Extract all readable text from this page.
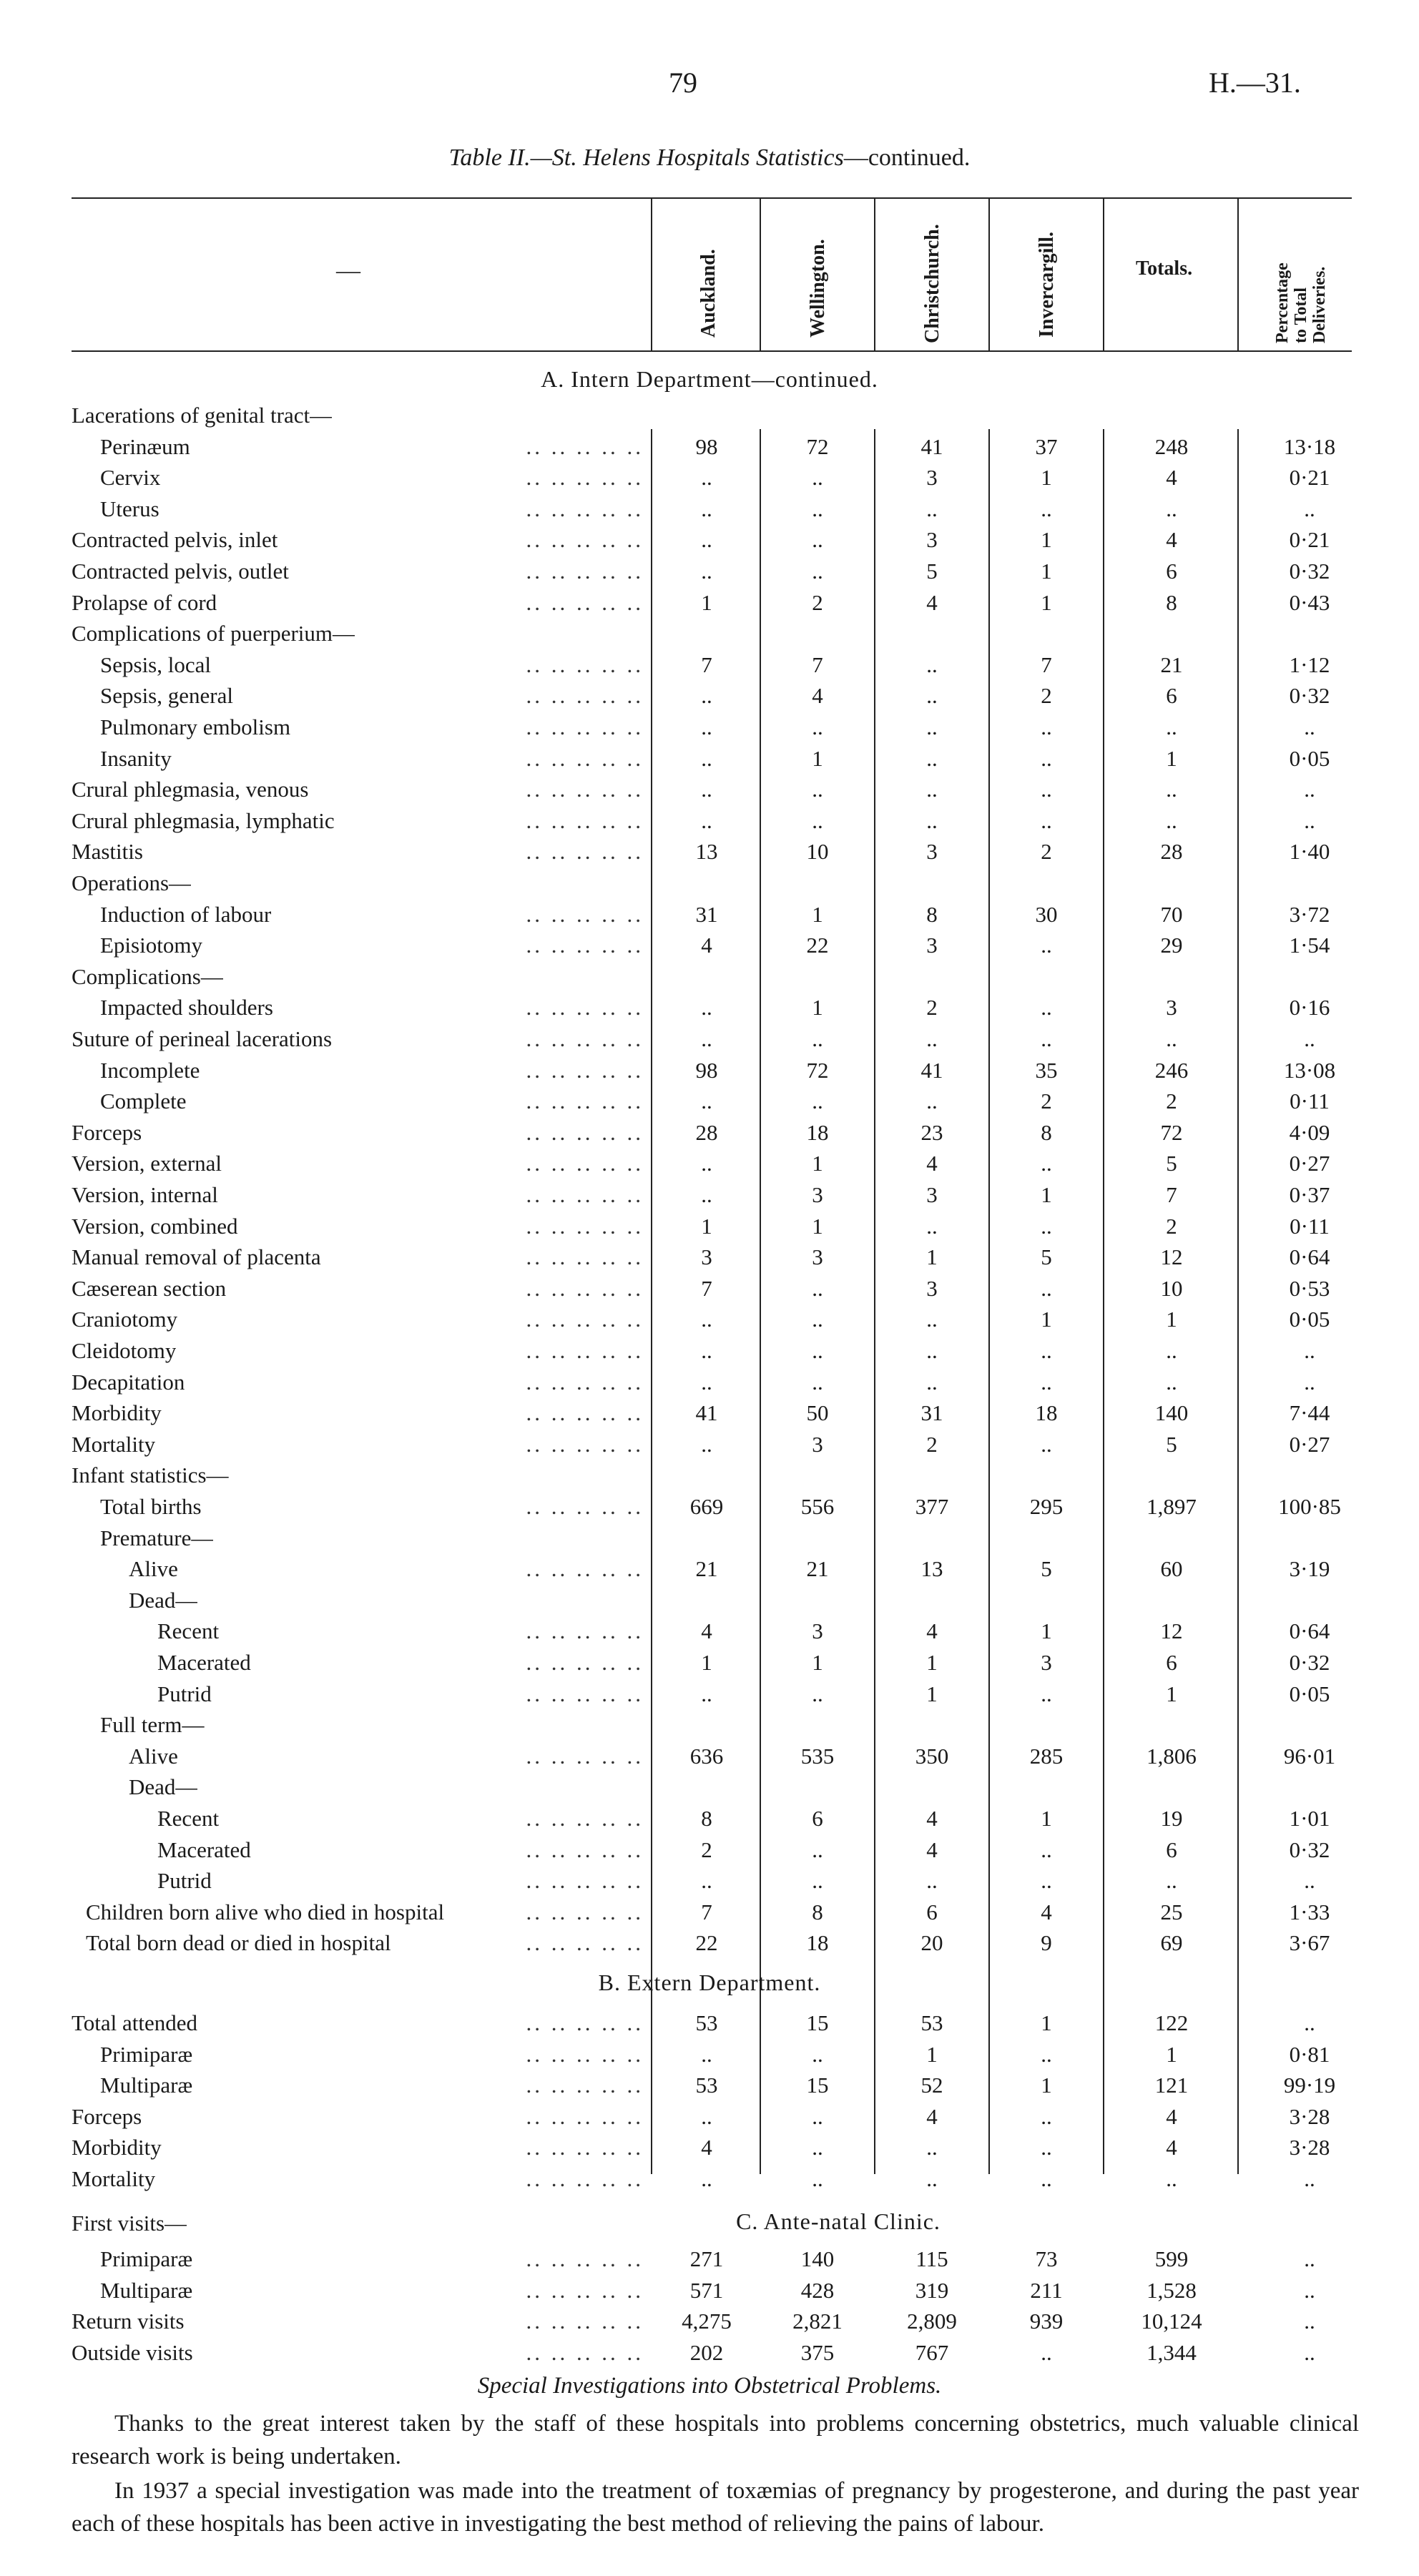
79	H.—31.
Table II.—St. Helens Hospitals Statistics—continued.
—	Auckland.	Wellington.	Christchurch.	Invercargill.	Totals.	Percentage
to Total
Deliveries.
A. Intern Department—continued.
Lacerations of genital tract—
Perinæum	.. .. .. .. ..	98	72	41	37	248	13·18
Cervix	.. .. .. .. ..	..	..	3	1	4	0·21
Uterus	.. .. .. .. ..	..	..	..	..	..	..
Contracted pelvis, inlet	.. .. .. .. ..	..	..	3	1	4	0·21
Contracted pelvis, outlet	.. .. .. .. ..	..	..	5	1	6	0·32
Prolapse of cord	.. .. .. .. ..	1	2	4	1	8	0·43
Complications of puerperium—
Sepsis, local	.. .. .. .. ..	7	7	..	7	21	1·12
Sepsis, general	.. .. .. .. ..	..	4	..	2	6	0·32
Pulmonary embolism	.. .. .. .. ..	..	..	..	..	..	..
Insanity	.. .. .. .. ..	..	1	..	..	1	0·05
Crural phlegmasia, venous	.. .. .. .. ..	..	..	..	..	..	..
Crural phlegmasia, lymphatic	.. .. .. .. ..	..	..	..	..	..	..
Mastitis	.. .. .. .. ..	13	10	3	2	28	1·40
Operations—
Induction of labour	.. .. .. .. ..	31	1	8	30	70	3·72
Episiotomy	.. .. .. .. ..	4	22	3	..	29	1·54
Complications—
Impacted shoulders	.. .. .. .. ..	..	1	2	..	3	0·16
Suture of perineal lacerations	.. .. .. .. ..	..	..	..	..	..	..
Incomplete	.. .. .. .. ..	98	72	41	35	246	13·08
Complete	.. .. .. .. ..	..	..	..	2	2	0·11
Forceps	.. .. .. .. ..	28	18	23	8	72	4·09
Version, external	.. .. .. .. ..	..	1	4	..	5	0·27
Version, internal	.. .. .. .. ..	..	3	3	1	7	0·37
Version, combined	.. .. .. .. ..	1	1	..	..	2	0·11
Manual removal of placenta	.. .. .. .. ..	3	3	1	5	12	0·64
Cæserean section	.. .. .. .. ..	7	..	3	..	10	0·53
Craniotomy	.. .. .. .. ..	..	..	..	1	1	0·05
Cleidotomy	.. .. .. .. ..	..	..	..	..	..	..
Decapitation	.. .. .. .. ..	..	..	..	..	..	..
Morbidity	.. .. .. .. ..	41	50	31	18	140	7·44
Mortality	.. .. .. .. ..	..	3	2	..	5	0·27
Infant statistics—
Total births	.. .. .. .. ..	669	556	377	295	1,897	100·85
Premature—
Alive	.. .. .. .. ..	21	21	13	5	60	3·19
Dead—
Recent	.. .. .. .. ..	4	3	4	1	12	0·64
Macerated	.. .. .. .. ..	1	1	1	3	6	0·32
Putrid	.. .. .. .. ..	..	..	1	..	1	0·05
Full term—
Alive	.. .. .. .. ..	636	535	350	285	1,806	96·01
Dead—
Recent	.. .. .. .. ..	8	6	4	1	19	1·01
Macerated	.. .. .. .. ..	2	..	4	..	6	0·32
Putrid	.. .. .. .. ..	..	..	..	..	..	..
Children born alive who died in hospital	.. .. .. .. ..	7	8	6	4	25	1·33
Total born dead or died in hospital	.. .. .. .. ..	22	18	20	9	69	3·67
B. Extern Department.
Total attended	.. .. .. .. ..	53	15	53	1	122	..
Primiparæ	.. .. .. .. ..	..	..	1	..	1	0·81
Multiparæ	.. .. .. .. ..	53	15	52	1	121	99·19
Forceps	.. .. .. .. ..	..	..	4	..	4	3·28
Morbidity	.. .. .. .. ..	4	..	..	..	4	3·28
Mortality	.. .. .. .. ..	..	..	..	..	..	..
First visits—	C. Ante-natal Clinic.
Primiparæ	.. .. .. .. ..	271	140	115	73	599	..
Multiparæ	.. .. .. .. ..	571	428	319	211	1,528	..
Return visits	.. .. .. .. ..	4,275	2,821	2,809	939	10,124	..
Outside visits	.. .. .. .. ..	202	375	767	..	1,344	..
Special Investigations into Obstetrical Problems.
Thanks to the great interest taken by the staff of these hospitals into problems concerning obstetrics, much valuable clinical research work is being undertaken.
In 1937 a special investigation was made into the treatment of toxæmias of pregnancy by progesterone, and during the past year each of these hospitals has been active in investigating the best method of relieving the pains of labour.
